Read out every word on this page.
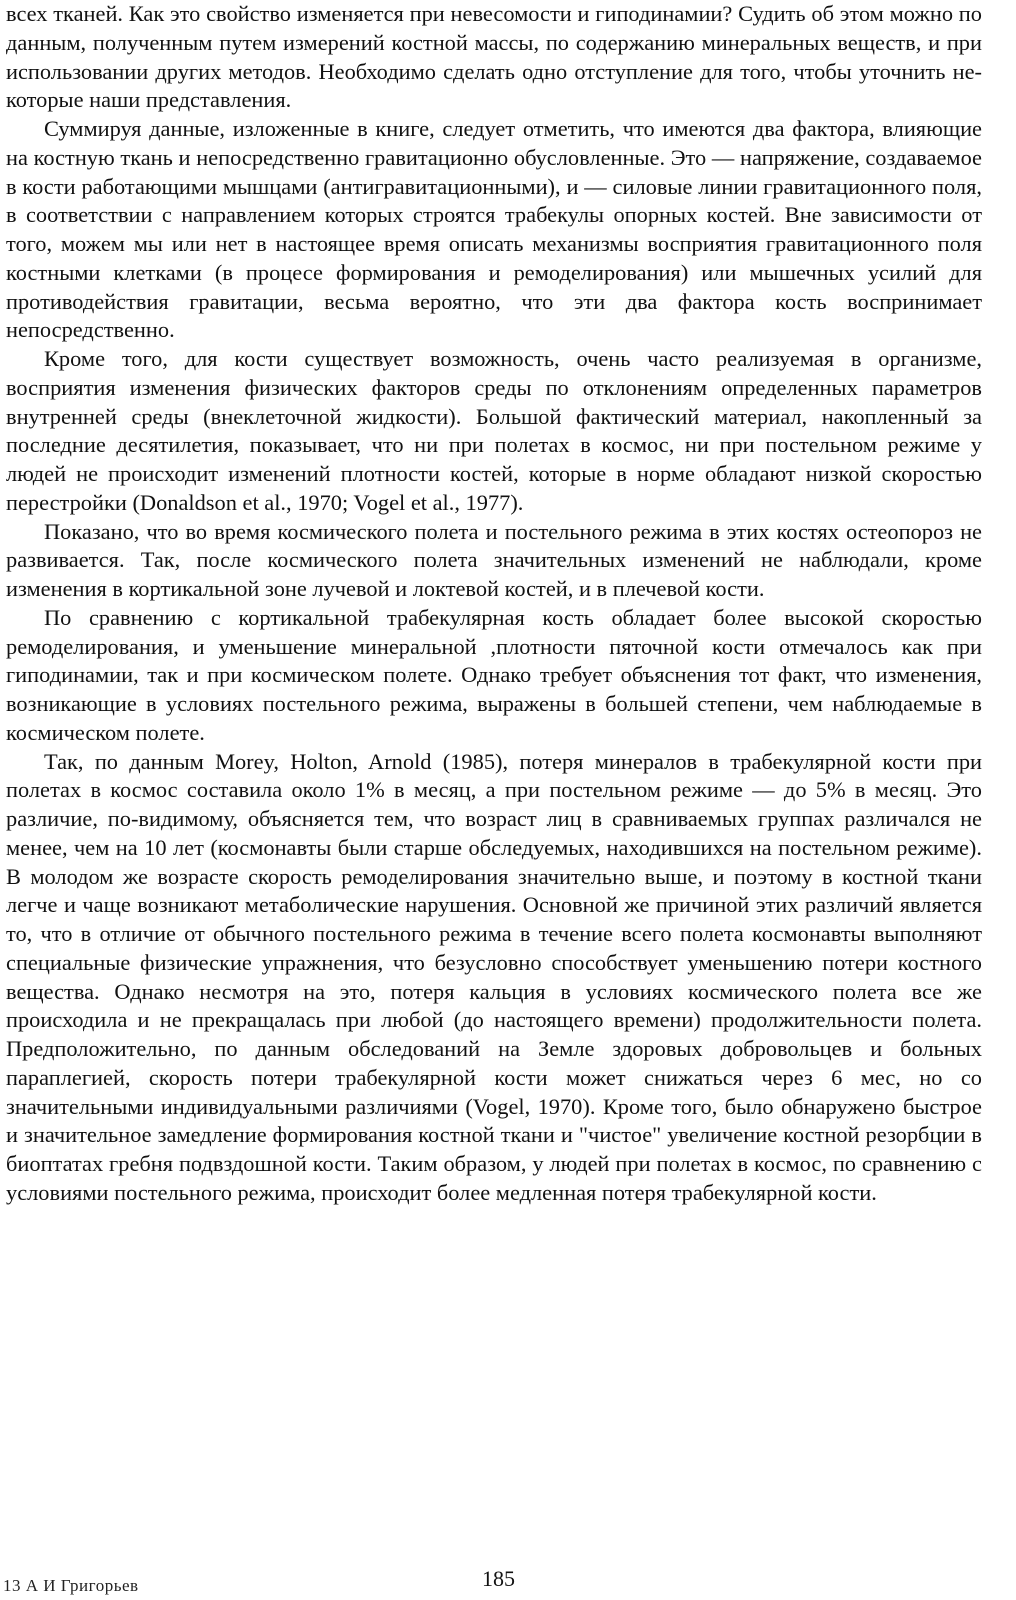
всех тканей. Как это свойство изменяется при невесомости и гиподинамии? Судить об этом можно по данным, полученным путем измерений костной массы, по содержанию минеральных веществ, и при использовании других методов. Необходимо сделать одно отступление для того, чтобы уточнить некоторые наши представления.

Суммируя данные, изложенные в книге, следует отметить, что имеются два фактора, влияющие на костную ткань и непосредственно гравитационно обусловленные. Это — напряжение, создаваемое в кости работающими мышцами (антигравитационными), и — силовые линии гравитационного поля, в соответствии с направлением которых строятся трабекулы опорных костей. Вне зависимости от того, можем мы или нет в настоящее время описать механизмы восприятия гравитационного поля костными клетками (в процесе формирования и ремоделирования) или мышечных усилий для противодействия гравитации, весьма вероятно, что эти два фактора кость воспринимает непосредственно.

Кроме того, для кости существует возможность, очень часто реализуемая в организме, восприятия изменения физических факторов среды по отклонениям определенных параметров внутренней среды (внеклеточной жидкости). Большой фактический материал, накопленный за последние десятилетия, показывает, что ни при полетах в космос, ни при постельном режиме у людей не происходит изменений плотности костей, которые в норме обладают низкой скоростью перестройки (Donaldson et al., 1970; Vogel et al., 1977).

Показано, что во время космического полета и постельного режима в этих костях остеопороз не развивается. Так, после космического полета значительных изменений не наблюдали, кроме изменения в кортикальной зоне лучевой и локтевой костей, и в плечевой кости.

По сравнению с кортикальной трабекулярная кость обладает более высокой скоростью ремоделирования, и уменьшение минеральной ,плотности пяточной кости отмечалось как при гиподинамии, так и при космическом полете. Однако требует объяснения тот факт, что изменения, возникающие в условиях постельного режима, выражены в большей степени, чем наблюдаемые в космическом полете.

Так, по данным Morey, Holton, Arnold (1985), потеря минералов в трабекулярной кости при полетах в космос составила около 1% в месяц, а при постельном режиме — до 5% в месяц. Это различие, по-видимому, объясняется тем, что возраст лиц в сравниваемых группах различался не менее, чем на 10 лет (космонавты были старше обследуемых, находившихся на постельном режиме). В молодом же возрасте скорость ремоделирования значительно выше, и поэтому в костной ткани легче и чаще возникают метаболические нарушения. Основной же причиной этих различий является то, что в отличие от обычного постельного режима в течение всего полета космонавты выполняют специальные физические упражнения, что безусловно способствует уменьшению потери костного вещества. Однако несмотря на это, потеря кальция в условиях космического полета все же происходила и не прекращалась при любой (до настоящего времени) продолжительности полета. Предположительно, по данным обследований на Земле здоровых добровольцев и больных параплегией, скорость потери трабекулярной кости может снижаться через 6 мес, но со значительными индивидуальными различиями (Vogel, 1970). Кроме того, было обнаружено быстрое и значительное замедление формирования костной ткани и "чистое" увеличение костной резорбции в биоптатах гребня подвздошной кости. Таким образом, у людей при полетах в космос, по сравнению с условиями постельного режима, происходит более медленная потеря трабекулярной кости.

13 А И Григорьев	185
